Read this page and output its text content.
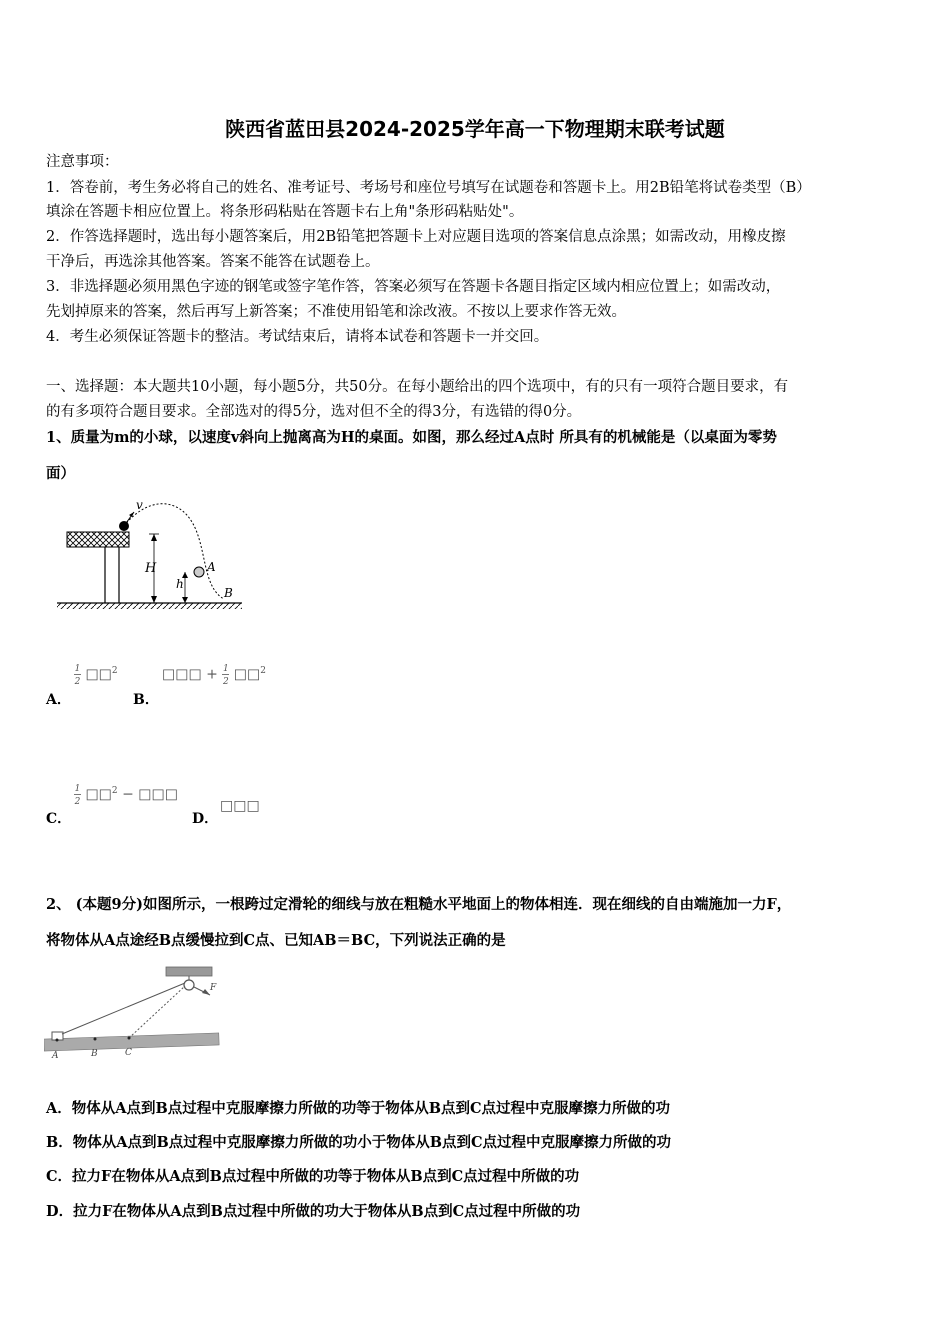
陕西省蓝田县2024-2025学年高一下物理期末联考试题
注意事项：
1．答卷前，考生务必将自己的姓名、准考证号、考场号和座位号填写在试题卷和答题卡上。用2B铅笔将试卷类型（B）
填涂在答题卡相应位置上。将条形码粘贴在答题卡右上角"条形码粘贴处"。
2．作答选择题时，选出每小题答案后，用2B铅笔把答题卡上对应题目选项的答案信息点涂黑；如需改动，用橡皮擦
干净后，再选涂其他答案。答案不能答在试题卷上。
3．非选择题必须用黑色字迹的钢笔或签字笔作答，答案必须写在答题卡各题目指定区域内相应位置上；如需改动，
先划掉原来的答案，然后再写上新答案；不准使用铅笔和涂改液。不按以上要求作答无效。
4．考生必须保证答题卡的整洁。考试结束后，请将本试卷和答题卡一并交回。
一、选择题：本大题共10小题，每小题5分，共50分。在每小题给出的四个选项中，有的只有一项符合题目要求，有
的有多项符合题目要求。全部选对的得5分，选对但不全的得3分，有选错的得0分。
1、质量为m的小球，以速度v斜向上抛离高为H的桌面。如图，那么经过A点时 所具有的机械能是（以桌面为零势
面）
v
H
h
A
B
A．
$\frac{1}{2}$ □□$^2$
B．
□□□ + $\frac{1}{2}$ □□$^2$
C．
$\frac{1}{2}$ □□$^2$ − □□□
D．
□□□
2、 (本题9分)如图所示，一根跨过定滑轮的细线与放在粗糙水平地面上的物体相连．现在细线的自由端施加一力F，
将物体从A点途经B点缓慢拉到C点、已知AB＝BC，下列说法正确的是
F
A	B	C
A．物体从A点到B点过程中克服摩擦力所做的功等于物体从B点到C点过程中克服摩擦力所做的功
B．物体从A点到B点过程中克服摩擦力所做的功小于物体从B点到C点过程中克服摩擦力所做的功
C．拉力F在物体从A点到B点过程中所做的功等于物体从B点到C点过程中所做的功
D．拉力F在物体从A点到B点过程中所做的功大于物体从B点到C点过程中所做的功
